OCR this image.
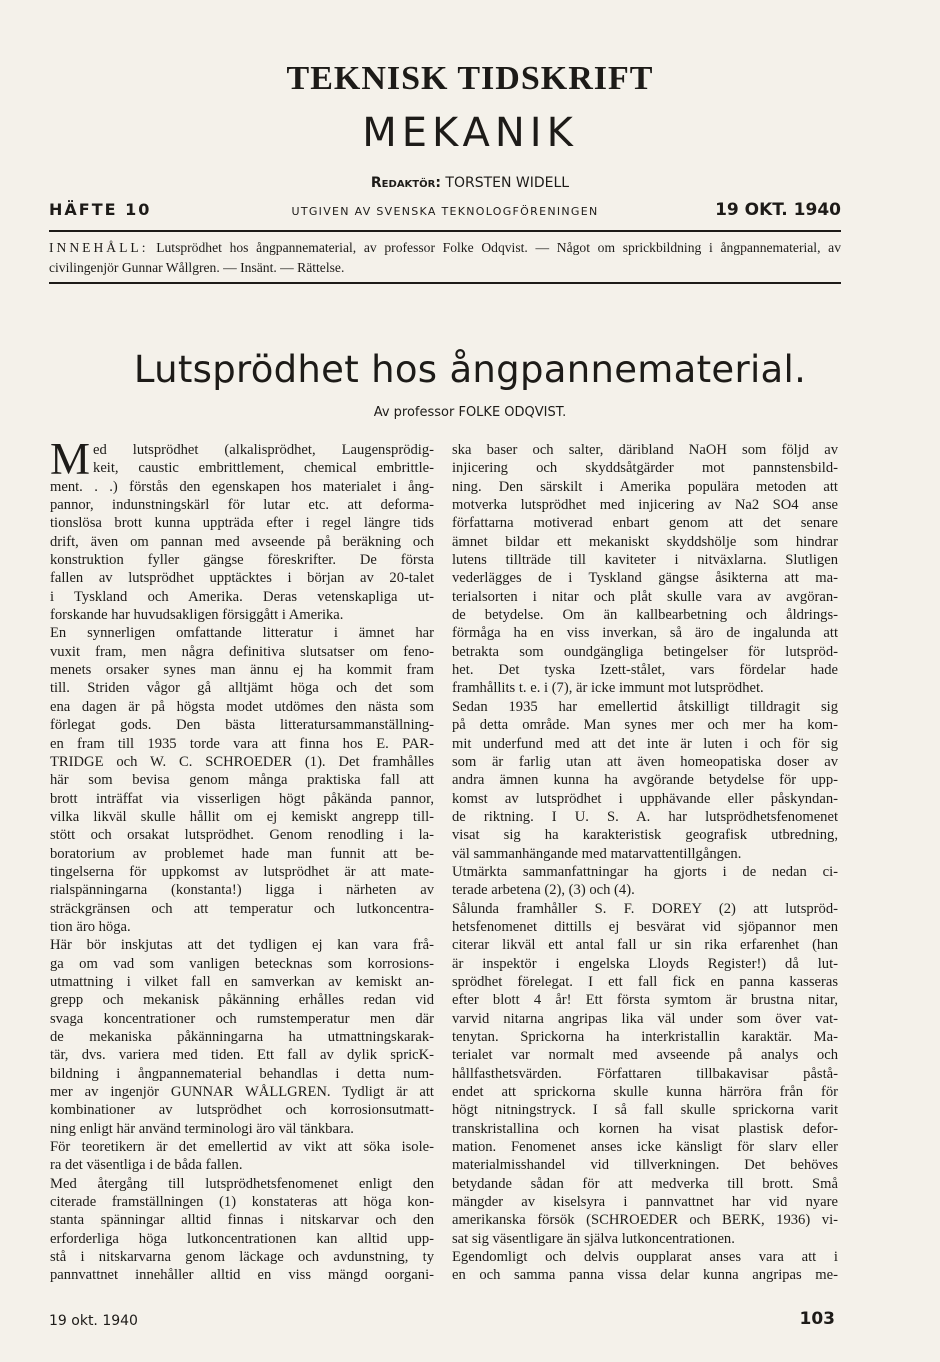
TEKNISK TIDSKRIFT
MEKANIK
Redaktör: TORSTEN WIDELL
HÄFTE 10	UTGIVEN AV SVENSKA TEKNOLOGFÖRENINGEN	19 OKT. 1940
INNEHÅLL: Lutsprödhet hos ångpannematerial, av professor Folke Odqvist. — Något om sprickbildning i ångpannematerial, av civilingenjör Gunnar Wållgren. — Insänt. — Rättelse.
Lutsprödhet hos ångpannematerial.
Av professor FOLKE ODQVIST.
M ed lutsprödhet (alkalisprödhet, Laugensprödig-
keit, caustic embrittlement, chemical embrittle-
ment. . .) förstås den egenskapen hos materialet i ång-
pannor, indunstningskärl för lutar etc. att deforma-
tionslösa brott kunna uppträda efter i regel längre tids
drift, även om pannan med avseende på beräkning och
konstruktion fyller gängse föreskrifter. De första
fallen av lutsprödhet upptäcktes i början av 20-talet
i Tyskland och Amerika. Deras vetenskapliga ut-
forskande har huvudsakligen försiggått i Amerika.
En synnerligen omfattande litteratur i ämnet har
vuxit fram, men några definitiva slutsatser om feno-
menets orsaker synes man ännu ej ha kommit fram
till. Striden vågor gå alltjämt höga och det som
ena dagen är på högsta modet utdömes den nästa som
förlegat gods. Den bästa litteratursammanställning-
en fram till 1935 torde vara att finna hos E. PAR-
TRIDGE och W. C. SCHROEDER (1). Det framhålles
här som bevisa genom många praktiska fall att
brott inträffat via visserligen högt påkända pannor,
vilka likväl skulle hållit om ej kemiskt angrepp till-
stött och orsakat lutsprödhet. Genom renodling i la-
boratorium av problemet hade man funnit att be-
tingelserna för uppkomst av lutsprödhet är att mate-
rialspänningarna (konstanta!) ligga i närheten av
sträckgränsen och att temperatur och lutkoncentra-
tion äro höga.
Här bör inskjutas att det tydligen ej kan vara frå-
ga om vad som vanligen betecknas som korrosions-
utmattning i vilket fall en samverkan av kemiskt an-
grepp och mekanisk påkänning erhålles redan vid
svaga koncentrationer och rumstemperatur men där
de mekaniska påkänningarna ha utmattningskarak-
tär, dvs. variera med tiden. Ett fall av dylik spricK-
bildning i ångpannematerial behandlas i detta num-
mer av ingenjör GUNNAR WÅLLGREN. Tydligt är att
kombinationer av lutsprödhet och korrosionsutmatt-
ning enligt här använd terminologi äro väl tänkbara.
För teoretikern är det emellertid av vikt att söka isole-
ra det väsentliga i de båda fallen.
Med återgång till lutsprödhetsfenomenet enligt den
citerade framställningen (1) konstateras att höga kon-
stanta spänningar alltid finnas i nitskarvar och den
erforderliga höga lutkoncentrationen kan alltid upp-
stå i nitskarvarna genom läckage och avdunstning, ty
pannvattnet innehåller alltid en viss mängd oorgani-
ska baser och salter, däribland NaOH som följd av
injicering och skyddsåtgärder mot pannstensbild-
ning. Den särskilt i Amerika populära metoden att
motverka lutsprödhet med injicering av Na2 SO4 anse
författarna motiverad enbart genom att det senare
ämnet bildar ett mekaniskt skyddshölje som hindrar
lutens tillträde till kaviteter i nitväxlarna. Slutligen
vederlägges de i Tyskland gängse åsikterna att ma-
terialsorten i nitar och plåt skulle vara av avgöran-
de betydelse. Om än kallbearbetning och åldrings-
förmåga ha en viss inverkan, så äro de ingalunda att
betrakta som oundgängliga betingelser för lutspröd-
het. Det tyska Izett-stålet, vars fördelar hade
framhållits t. e. i (7), är icke immunt mot lutsprödhet.
Sedan 1935 har emellertid åtskilligt tilldragit sig
på detta område. Man synes mer och mer ha kom-
mit underfund med att det inte är luten i och för sig
som är farlig utan att även homeopatiska doser av
andra ämnen kunna ha avgörande betydelse för upp-
komst av lutsprödhet i upphävande eller påskyndan-
de riktning. I U. S. A. har lutsprödhetsfenomenet
visat sig ha karakteristisk geografisk utbredning,
väl sammanhängande med matarvattentillgången.
Utmärkta sammanfattningar ha gjorts i de nedan ci-
terade arbetena (2), (3) och (4).
Sålunda framhåller S. F. DOREY (2) att lutspröd-
hetsfenomenet dittills ej besvärat vid sjöpannor men
citerar likväl ett antal fall ur sin rika erfarenhet (han
är inspektör i engelska Lloyds Register!) då lut-
sprödhet förelegat. I ett fall fick en panna kasseras
efter blott 4 år! Ett första symtom är brustna nitar,
varvid nitarna angripas lika väl under som över vat-
tenytan. Sprickorna ha interkristallin karaktär. Ma-
terialet var normalt med avseende på analys och
hållfasthetsvärden. Författaren tillbakavisar påstå-
endet att sprickorna skulle kunna härröra från för
högt nitningstryck. I så fall skulle sprickorna varit
transkristallina och kornen ha visat plastisk defor-
mation. Fenomenet anses icke känsligt för slarv eller
materialmisshandel vid tillverkningen. Det behöves
betydande sådan för att medverka till brott. Små
mängder av kiselsyra i pannvattnet har vid nyare
amerikanska försök (SCHROEDER och BERK, 1936) vi-
sat sig väsentligare än själva lutkoncentrationen.
Egendomligt och delvis oupplarat anses vara att i
en och samma panna vissa delar kunna angripas me-
19 okt. 1940	103
